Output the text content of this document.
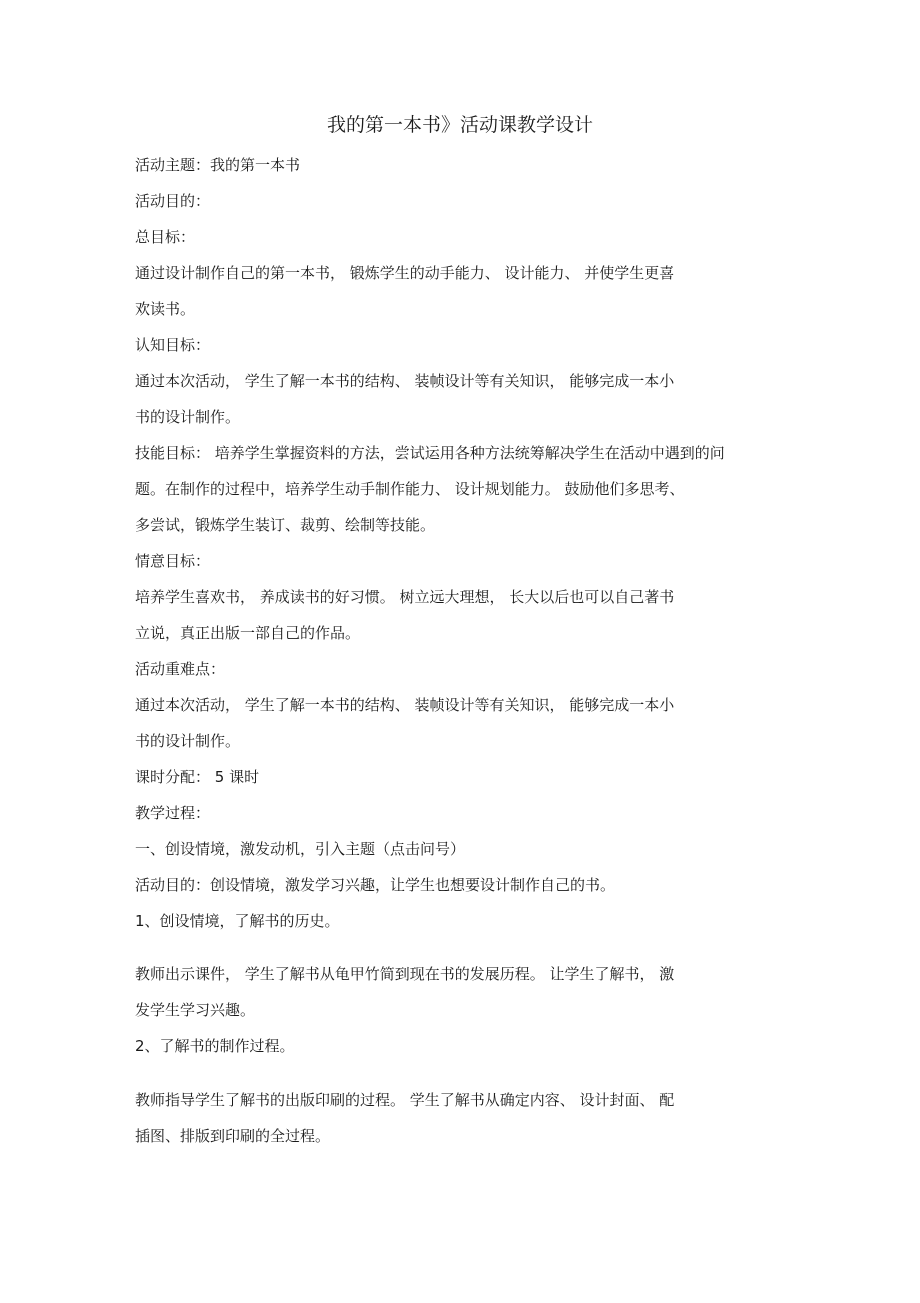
我的第一本书》活动课教学设计
活动主题：我的第一本书
活动目的：
总目标：
通过设计制作自己的第一本书， 锻炼学生的动手能力、 设计能力、 并使学生更喜
欢读书。
认知目标：
通过本次活动， 学生了解一本书的结构、 装帧设计等有关知识， 能够完成一本小
书的设计制作。
技能目标： 培养学生掌握资料的方法，尝试运用各种方法统筹解决学生在活动中遇到的问
题。在制作的过程中，培养学生动手制作能力、 设计规划能力。 鼓励他们多思考、
多尝试，锻炼学生装订、裁剪、绘制等技能。
情意目标：
培养学生喜欢书， 养成读书的好习惯。 树立远大理想， 长大以后也可以自己著书
立说，真正出版一部自己的作品。
活动重难点：
通过本次活动， 学生了解一本书的结构、 装帧设计等有关知识， 能够完成一本小
书的设计制作。
课时分配： 5 课时
教学过程：
一、创设情境，激发动机，引入主题（点击问号）
活动目的：创设情境，激发学习兴趣，让学生也想要设计制作自己的书。
1、创设情境，了解书的历史。
教师出示课件， 学生了解书从龟甲竹简到现在书的发展历程。 让学生了解书， 激
发学生学习兴趣。
2、了解书的制作过程。
教师指导学生了解书的出版印刷的过程。 学生了解书从确定内容、 设计封面、 配
插图、排版到印刷的全过程。
